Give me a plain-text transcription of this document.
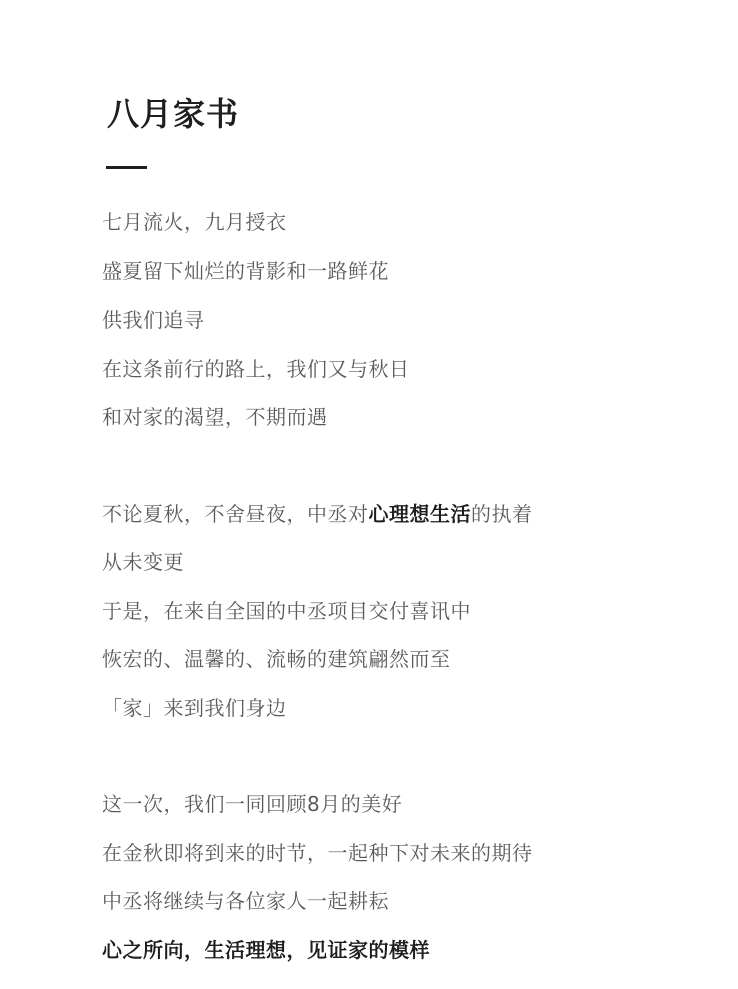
八月家书

七月流火，九月授衣

盛夏留下灿烂的背影和一路鲜花

供我们追寻

在这条前行的路上，我们又与秋日

和对家的渴望，不期而遇

不论夏秋，不舍昼夜，中丞对心理想生活的执着

从未变更

于是，在来自全国的中丞项目交付喜讯中

恢宏的、温馨的、流畅的建筑翩然而至

「家」来到我们身边

这一次，我们一同回顾8月的美好

在金秋即将到来的时节，一起种下对未来的期待

中丞将继续与各位家人一起耕耘

心之所向，生活理想，见证家的模样
